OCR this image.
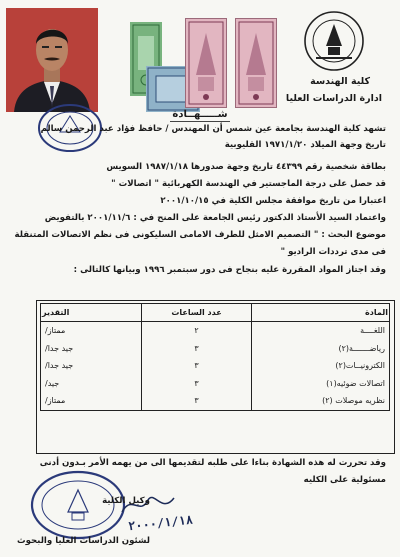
كلية الهندسة
ادارة الدراسات العليا
شـــــهــادة
تشهد كلية الهندسة بجامعة عين شمس أن المهندس / حافظ فؤاد عبد الرحمن سالم
تاريخ وجهة الميلاد ١٩٧١/١/٢٠ القليوبية
بطاقة شخصية رقم ٤٤٣٩٩ تاريخ وجهة صدورها ١٩٨٧/١/١٨ السويس
قد حصل على درجة الماجستير في الهندسة الكهربائية " اتصالات "
اعتبارا من تاريخ موافقة مجلس الكلية في ٢٠٠١/١٠/١٥
واعتماد السيد الأستاذ الدكتور رئيس الجامعة على المنح في : ٢٠٠١/١١/٦ بالتفويض
موضوع البحث : " التصميم الامثل للطرف الامامى السليكونى فى نظم الاتصالات المتنقلة
فى مدى ترددات الراديو "
وقد اجتاز المواد المقررة عليه بنجاح فى دور سبتمبر ١٩٩٦ وبيانها كالتالى :
المادة	عدد الساعات	التقدير
اللغــــة	٢	ممتاز/
رياضـــــــة(٢)	٣	جيد جدا/
الكترونيــات(٢)	٣	جيد جدا/
اتصالات ضوئيه(١)	٣	جيد/
نظريه موصلات (٢)	٣	ممتاز/
وقد تحررت له هذه الشهادة بناءا على طلبه لتقديمها الى من يهمه الأمر بـدون أدنى
مسئولية على الكليه
وكيل الكلية
٢٠٠٠/١/١٨
لشئون الدراسات العليا والبحوث
